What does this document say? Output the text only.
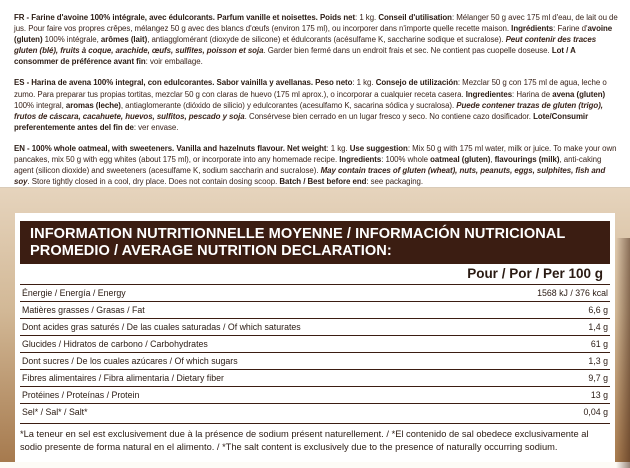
FR - Farine d'avoine 100% intégrale, avec édulcorants. Parfum vanille et noisettes. Poids net: 1 kg. Conseil d'utilisation: Mélanger 50 g avec 175 ml d'eau, de lait ou de jus. Pour faire vos propres crêpes, mélangez 50 g avec des blancs d'œufs (environ 175 ml), ou incorporer dans n'importe quelle recette maison. Ingrédients: Farine d'avoine (gluten) 100% intégrale, arômes (lait), antiagglomérant (dioxyde de silicone) et édulcorants (acésulfame K, saccharine sodique et sucralose). Peut contenir des traces gluten (blé), fruits à coque, arachide, œufs, sulfites, poisson et soja. Garder bien fermé dans un endroit frais et sec. Ne contient pas cuopelle doseuse. Lot / A consommer de préférence avant fin: voir emballage.

ES - Harina de avena 100% integral, con edulcorantes. Sabor vainilla y avellanas. Peso neto: 1 kg. Consejo de utilización: Mezclar 50 g con 175 ml de agua, leche o zumo. Para preparar tus propias tortitas, mezclar 50 g con claras de huevo (175 ml aprox.), o incorporar a cualquier receta casera. Ingredientes: Harina de avena (gluten) 100% integral, aromas (leche), antiaglomerante (dióxido de silicio) y edulcorantes (acesulfamo K, sacarina sódica y sucralosa). Puede contener trazas de gluten (trigo), frutos de cáscara, cacahuete, huevos, sulfitos, pescado y soja. Consérvese bien cerrado en un lugar fresco y seco. No contiene cazo dosificador. Lote/Consumir preferentemente antes del fin de: ver envase.

EN - 100% whole oatmeal, with sweeteners. Vanilla and hazelnuts flavour. Net weight: 1 kg. Use suggestion: Mix 50 g with 175 ml water, milk or juice. To make your own pancakes, mix 50 g with egg whites (about 175 ml), or incorporate into any homemade recipe. Ingredients: 100% whole oatmeal (gluten), flavourings (milk), anti-caking agent (silicon dioxide) and sweeteners (acesulfame K, sodium saccharin and sucralose). May contain traces of gluten (wheat), nuts, peanuts, eggs, sulphites, fish and soy. Store tightly closed in a cool, dry place. Does not contain dosing scoop. Batch / Best before end: see packaging.

INFORMATION NUTRITIONNELLE MOYENNE / INFORMACIÓN NUTRICIONAL PROMEDIO / AVERAGE NUTRITION DECLARATION:
Pour / Por / Per 100 g
Énergie / Energía / Energy	1568 kJ / 376 kcal
Matières grasses / Grasas / Fat	6,6 g
Dont acides gras saturés / De las cuales saturadas / Of which saturates	1,4 g
Glucides / Hidratos de carbono / Carbohydrates	61 g
Dont sucres / De los cuales azúcares / Of which sugars	1,3 g
Fibres alimentaires / Fibra alimentaria / Dietary fiber	9,7 g
Protéines / Proteínas / Protein	13 g
Sel* / Sal* / Salt*	0,04 g
*La teneur en sel est exclusivement due à la présence de sodium présent naturellement. / *El contenido de sal obedece exclusivamente al sodio presente de forma natural en el alimento. / *The salt content is exclusively due to the presence of naturally occurring sodium.
